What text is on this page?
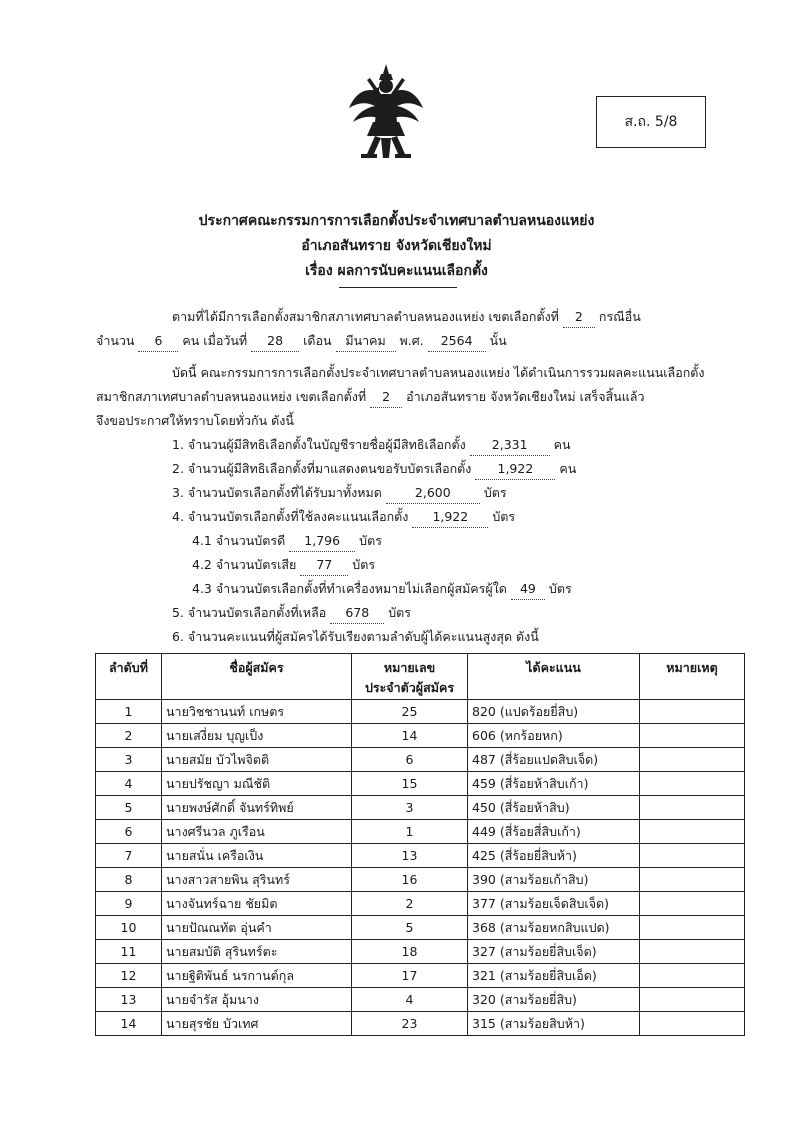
ส.ถ. 5/8
ประกาศคณะกรรมการการเลือกตั้งประจำเทศบาลตำบลหนองแหย่ง
อำเภอสันทราย จังหวัดเชียงใหม่
เรื่อง ผลการนับคะแนนเลือกตั้ง
ตามที่ได้มีการเลือกตั้งสมาชิกสภาเทศบาลตำบลหนองแหย่ง เขตเลือกตั้งที่ 2 กรณีอื่น
จำนวน 6 คน เมื่อวันที่ 28 เดือน มีนาคม พ.ศ. 2564 นั้น
บัดนี้ คณะกรรมการการเลือกตั้งประจำเทศบาลตำบลหนองแหย่ง ได้ดำเนินการรวมผลคะแนนเลือกตั้ง
สมาชิกสภาเทศบาลตำบลหนองแหย่ง เขตเลือกตั้งที่ 2 อำเภอสันทราย จังหวัดเชียงใหม่ เสร็จสิ้นแล้ว
จึงขอประกาศให้ทราบโดยทั่วกัน ดังนี้
1. จำนวนผู้มีสิทธิเลือกตั้งในบัญชีรายชื่อผู้มีสิทธิเลือกตั้ง 2,331 คน
2. จำนวนผู้มีสิทธิเลือกตั้งที่มาแสดงตนขอรับบัตรเลือกตั้ง 1,922 คน
3. จำนวนบัตรเลือกตั้งที่ได้รับมาทั้งหมด	2,600	บัตร
4. จำนวนบัตรเลือกตั้งที่ใช้ลงคะแนนเลือกตั้ง 1,922 บัตร
4.1 จำนวนบัตรดี 1,796 บัตร
4.2 จำนวนบัตรเสีย 77 บัตร
4.3 จำนวนบัตรเลือกตั้งที่ทำเครื่องหมายไม่เลือกผู้สมัครผู้ใด 49 บัตร
5. จำนวนบัตรเลือกตั้งที่เหลือ 678 บัตร
6. จำนวนคะแนนที่ผู้สมัครได้รับเรียงตามลำดับผู้ได้คะแนนสูงสุด ดังนี้
ลำดับที่	ชื่อผู้สมัคร	หมายเลข
ประจำตัวผู้สมัคร	ได้คะแนน	หมายเหตุ
1	นายวิชชานนท์ เกษตร	25	820 (แปดร้อยยี่สิบ)	
2	นายเสงี่ยม บุญเป็ง	14	606 (หกร้อยหก)	
3	นายสมัย บัวไพจิตติ	6	487 (สี่ร้อยแปดสิบเจ็ด)	
4	นายปรัชญา มณีชัติ	15	459 (สี่ร้อยห้าสิบเก้า)	
5	นายพงษ์ศักดิ์ จันทร์ทิพย์	3	450 (สี่ร้อยห้าสิบ)	
6	นางศรีนวล ภูเรือน	1	449 (สี่ร้อยสี่สิบเก้า)	
7	นายสนั่น เครือเงิน	13	425 (สี่ร้อยยี่สิบห้า)	
8	นางสาวสายพิน สุรินทร์	16	390 (สามร้อยเก้าสิบ)	
9	นางจันทร์ฉาย ชัยมิต	2	377 (สามร้อยเจ็ดสิบเจ็ด)	
10	นายปัณณทัต อุ่นคำ	5	368 (สามร้อยหกสิบแปด)	
11	นายสมบัติ สุรินทร์ตะ	18	327 (สามร้อยยี่สิบเจ็ด)	
12	นายฐิติพันธ์ นรกานต์กุล	17	321 (สามร้อยยี่สิบเอ็ด)	
13	นายจำรัส อุ้มนาง	4	320 (สามร้อยยี่สิบ)	
14	นายสุรชัย บัวเทศ	23	315 (สามร้อยสิบห้า)	
